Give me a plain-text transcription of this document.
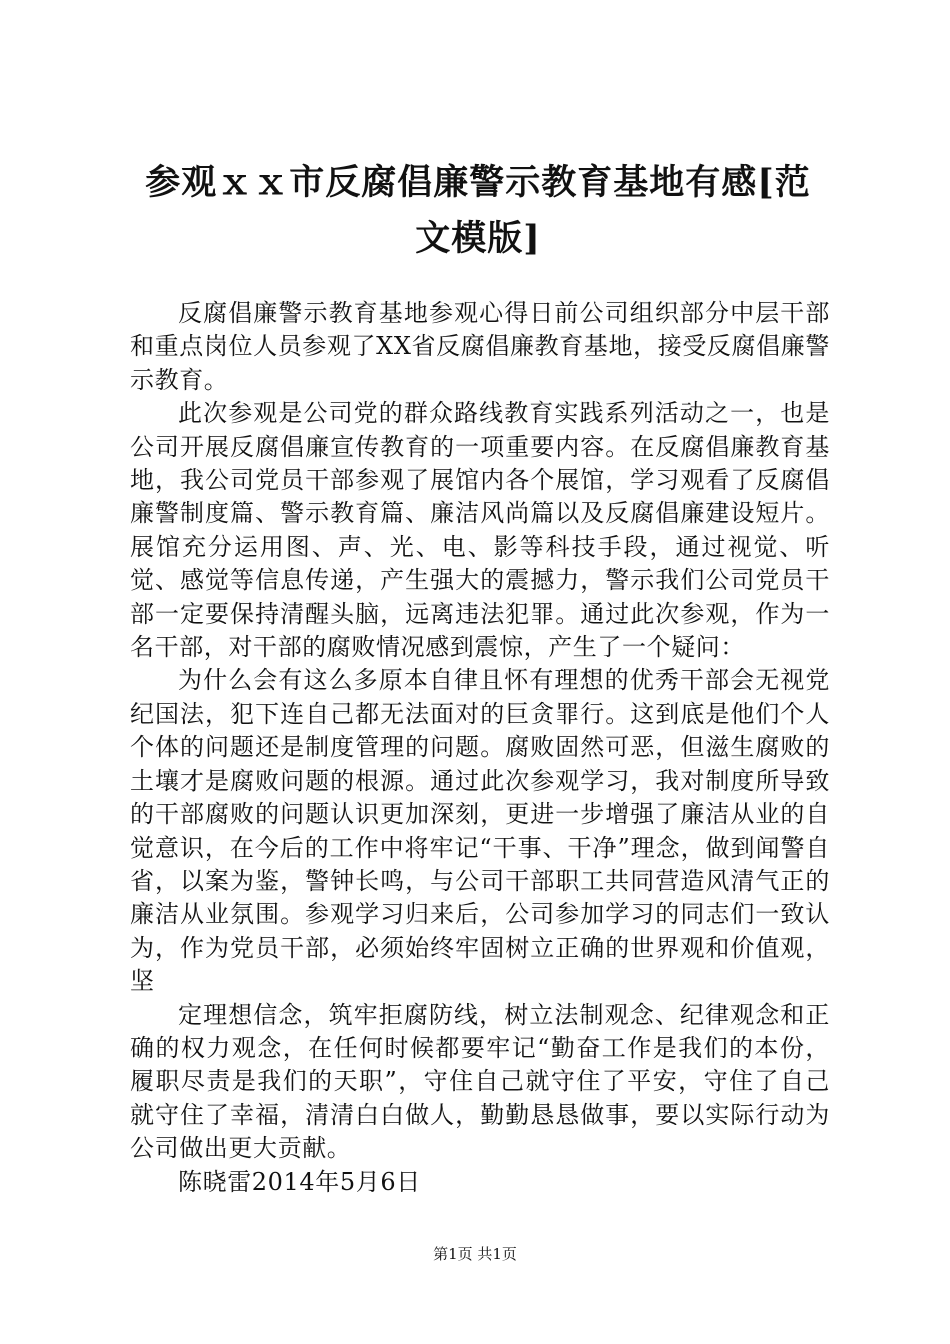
参观ｘｘ市反腐倡廉警示教育基地有感[范文模版]

反腐倡廉警示教育基地参观心得日前公司组织部分中层干部和重点岗位人员参观了XX省反腐倡廉教育基地，接受反腐倡廉警示教育。

此次参观是公司党的群众路线教育实践系列活动之一，也是公司开展反腐倡廉宣传教育的一项重要内容。在反腐倡廉教育基地，我公司党员干部参观了展馆内各个展馆，学习观看了反腐倡廉警制度篇、警示教育篇、廉洁风尚篇以及反腐倡廉建设短片。展馆充分运用图、声、光、电、影等科技手段，通过视觉、听觉、感觉等信息传递，产生强大的震撼力，警示我们公司党员干部一定要保持清醒头脑，远离违法犯罪。通过此次参观，作为一名干部，对干部的腐败情况感到震惊，产生了一个疑问：

为什么会有这么多原本自律且怀有理想的优秀干部会无视党纪国法，犯下连自己都无法面对的巨贪罪行。这到底是他们个人个体的问题还是制度管理的问题。腐败固然可恶，但滋生腐败的土壤才是腐败问题的根源。通过此次参观学习，我对制度所导致的干部腐败的问题认识更加深刻，更进一步增强了廉洁从业的自觉意识，在今后的工作中将牢记“干事、干净”理念，做到闻警自省，以案为鉴，警钟长鸣，与公司干部职工共同营造风清气正的廉洁从业氛围。参观学习归来后，公司参加学习的同志们一致认为，作为党员干部，必须始终牢固树立正确的世界观和价值观，坚

定理想信念，筑牢拒腐防线，树立法制观念、纪律观念和正确的权力观念，在任何时候都要牢记“勤奋工作是我们的本份，履职尽责是我们的天职”，守住自己就守住了平安，守住了自己就守住了幸福，清清白白做人，勤勤恳恳做事，要以实际行动为公司做出更大贡献。

陈晓雷2014年5月6日

第1页 共1页
